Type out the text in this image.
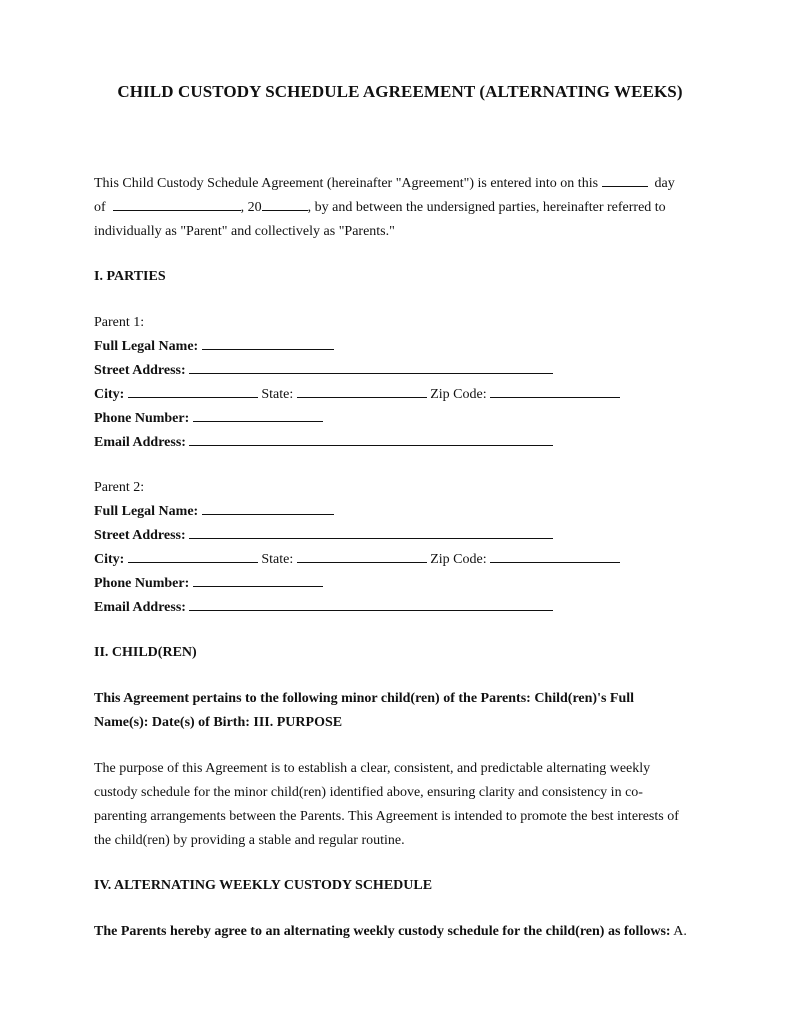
CHILD CUSTODY SCHEDULE AGREEMENT (ALTERNATING WEEKS)
This Child Custody Schedule Agreement (hereinafter "Agreement") is entered into on this	day
of	, 20	, by and between the undersigned parties, hereinafter referred to
individually as "Parent" and collectively as "Parents."
I. PARTIES
Parent 1:
Full Legal Name:
Street Address:
City:	State:	Zip Code:
Phone Number:
Email Address:
Parent 2:
Full Legal Name:
Street Address:
City:	State:	Zip Code:
Phone Number:
Email Address:
II. CHILD(REN)
This Agreement pertains to the following minor child(ren) of the Parents: Child(ren)'s Full
Name(s): Date(s) of Birth: III. PURPOSE
The purpose of this Agreement is to establish a clear, consistent, and predictable alternating weekly
custody schedule for the minor child(ren) identified above, ensuring clarity and consistency in co-
parenting arrangements between the Parents. This Agreement is intended to promote the best interests of
the child(ren) by providing a stable and regular routine.
IV. ALTERNATING WEEKLY CUSTODY SCHEDULE
The Parents hereby agree to an alternating weekly custody schedule for the child(ren) as follows: A.
